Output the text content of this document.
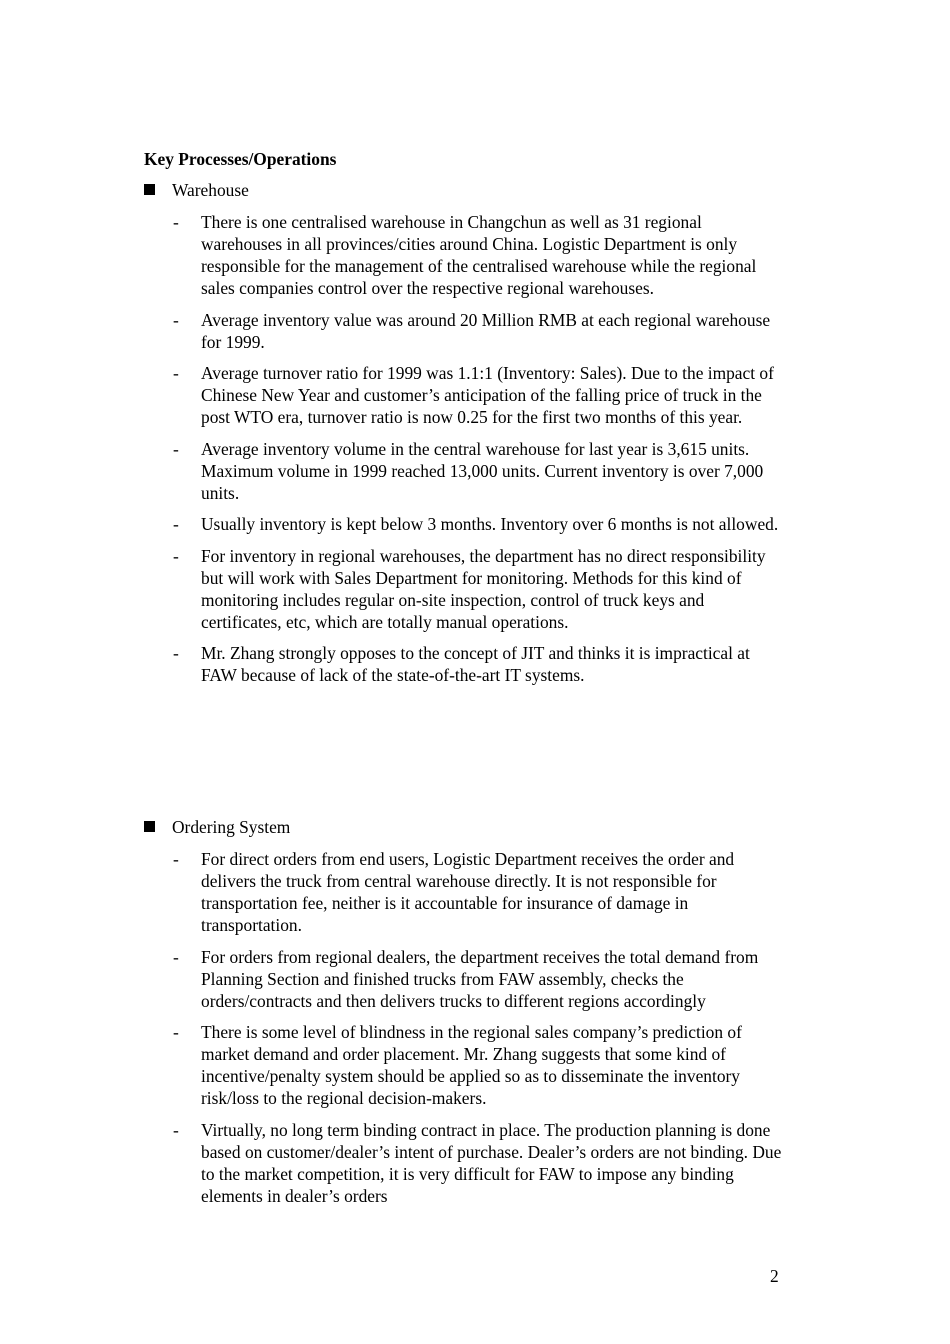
Key Processes/Operations
Warehouse
- There is one centralised warehouse in Changchun as well as 31 regional warehouses in all provinces/cities around China. Logistic Department is only responsible for the management of the centralised warehouse while the regional sales companies control over the respective regional warehouses.
- Average inventory value was around 20 Million RMB at each regional warehouse for 1999.
- Average turnover ratio for 1999 was 1.1:1 (Inventory: Sales). Due to the impact of Chinese New Year and customer’s anticipation of the falling price of truck in the post WTO era, turnover ratio is now 0.25 for the first two months of this year.
- Average inventory volume in the central warehouse for last year is 3,615 units. Maximum volume in 1999 reached 13,000 units. Current inventory is over 7,000 units.
- Usually inventory is kept below 3 months. Inventory over 6 months is not allowed.
- For inventory in regional warehouses, the department has no direct responsibility but will work with Sales Department for monitoring. Methods for this kind of monitoring includes regular on-site inspection, control of truck keys and certificates, etc, which are totally manual operations.
- Mr. Zhang strongly opposes to the concept of JIT and thinks it is impractical at FAW because of lack of the state-of-the-art IT systems.
Ordering System
- For direct orders from end users, Logistic Department receives the order and delivers the truck from central warehouse directly. It is not responsible for transportation fee, neither is it accountable for insurance of damage in transportation.
- For orders from regional dealers, the department receives the total demand from Planning Section and finished trucks from FAW assembly, checks the orders/contracts and then delivers trucks to different regions accordingly
- There is some level of blindness in the regional sales company’s prediction of market demand and order placement. Mr. Zhang suggests that some kind of incentive/penalty system should be applied so as to disseminate the inventory risk/loss to the regional decision-makers.
- Virtually, no long term binding contract in place. The production planning is done based on customer/dealer’s intent of purchase. Dealer’s orders are not binding. Due to the market competition, it is very difficult for FAW to impose any binding elements in dealer’s orders
2
